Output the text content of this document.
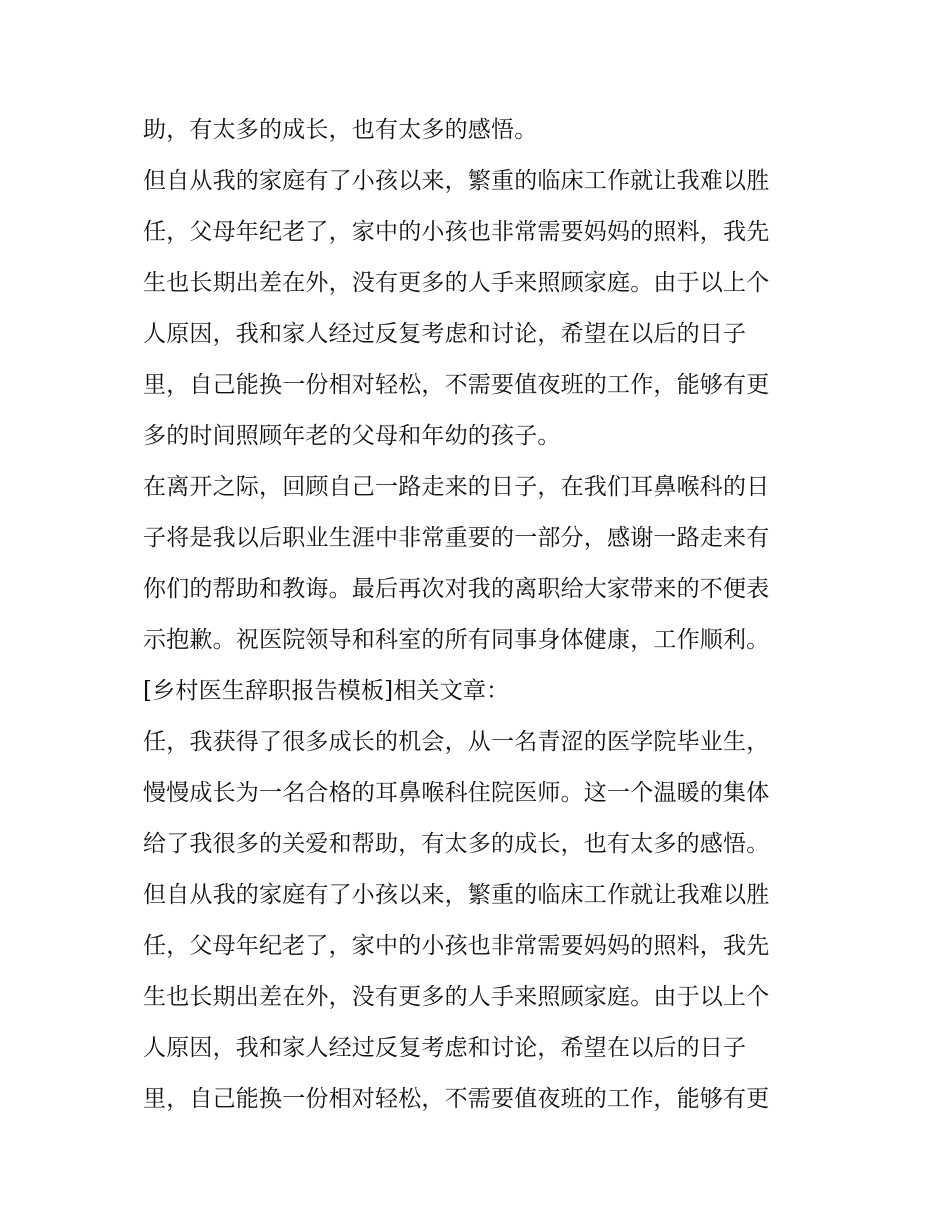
助，有太多的成长，也有太多的感悟。
但自从我的家庭有了小孩以来，繁重的临床工作就让我难以胜
任，父母年纪老了，家中的小孩也非常需要妈妈的照料，我先
生也长期出差在外，没有更多的人手来照顾家庭。由于以上个
人原因，我和家人经过反复考虑和讨论，希望在以后的日子
里，自己能换一份相对轻松，不需要值夜班的工作，能够有更
多的时间照顾年老的父母和年幼的孩子。
在离开之际，回顾自己一路走来的日子，在我们耳鼻喉科的日
子将是我以后职业生涯中非常重要的一部分，感谢一路走来有
你们的帮助和教诲。最后再次对我的离职给大家带来的不便表
示抱歉。祝医院领导和科室的所有同事身体健康，工作顺利。
[乡村医生辞职报告模板]相关文章：
任，我获得了很多成长的机会，从一名青涩的医学院毕业生，
慢慢成长为一名合格的耳鼻喉科住院医师。这一个温暖的集体
给了我很多的关爱和帮助，有太多的成长，也有太多的感悟。
但自从我的家庭有了小孩以来，繁重的临床工作就让我难以胜
任，父母年纪老了，家中的小孩也非常需要妈妈的照料，我先
生也长期出差在外，没有更多的人手来照顾家庭。由于以上个
人原因，我和家人经过反复考虑和讨论，希望在以后的日子
里，自己能换一份相对轻松，不需要值夜班的工作，能够有更
